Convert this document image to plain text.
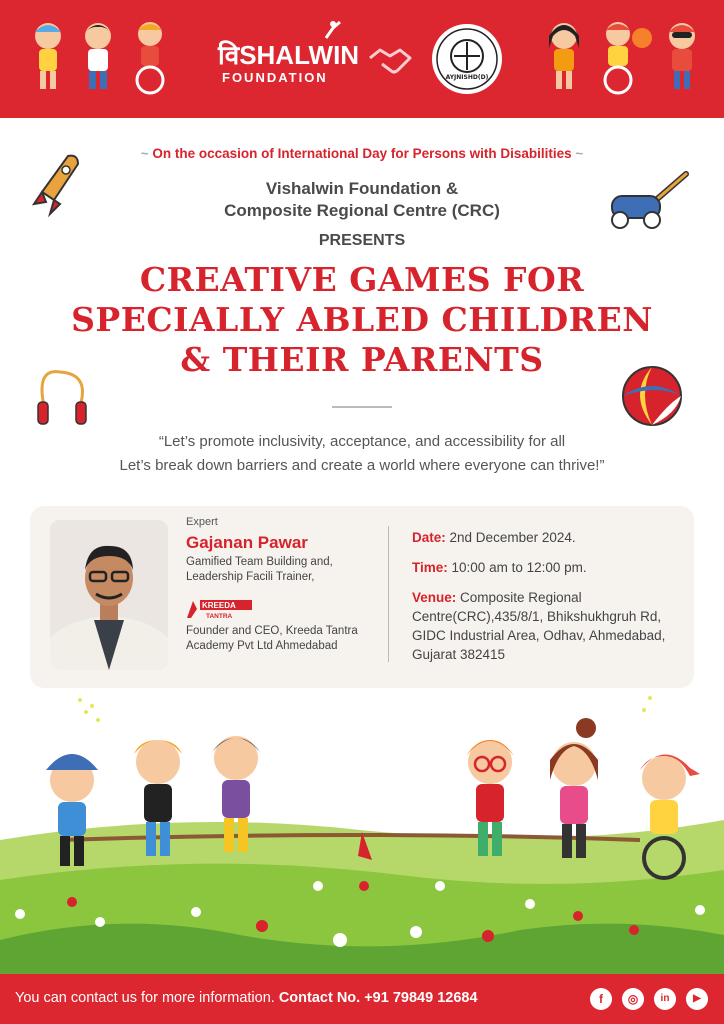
विSHALWIN
FOUNDATION	AYJNISHD(D)
~ On the occasion of International Day for Persons with Disabilities ~
Vishalwin Foundation &
Composite Regional Centre (CRC)
PRESENTS
CREATIVE GAMES FOR
SPECIALLY ABLED CHILDREN
& THEIR PARENTS
“Let’s promote inclusivity, acceptance, and accessibility for all
Let’s break down barriers and create a world where everyone can thrive!”
Expert
Gajanan Pawar
Gamified Team Building and, Leadership Facili Trainer,
KREEDA
TANTRA
Founder and CEO, Kreeda Tantra Academy Pvt Ltd Ahmedabad
Date: 2nd December 2024.
Time: 10:00 am to 12:00 pm.
Venue: Composite Regional Centre(CRC),435/8/1, Bhikshukhgruh Rd, GIDC Industrial Area, Odhav, Ahmedabad, Gujarat 382415
You can contact us for more information. Contact No. +91 79849 12684	f	◎	in	▶
